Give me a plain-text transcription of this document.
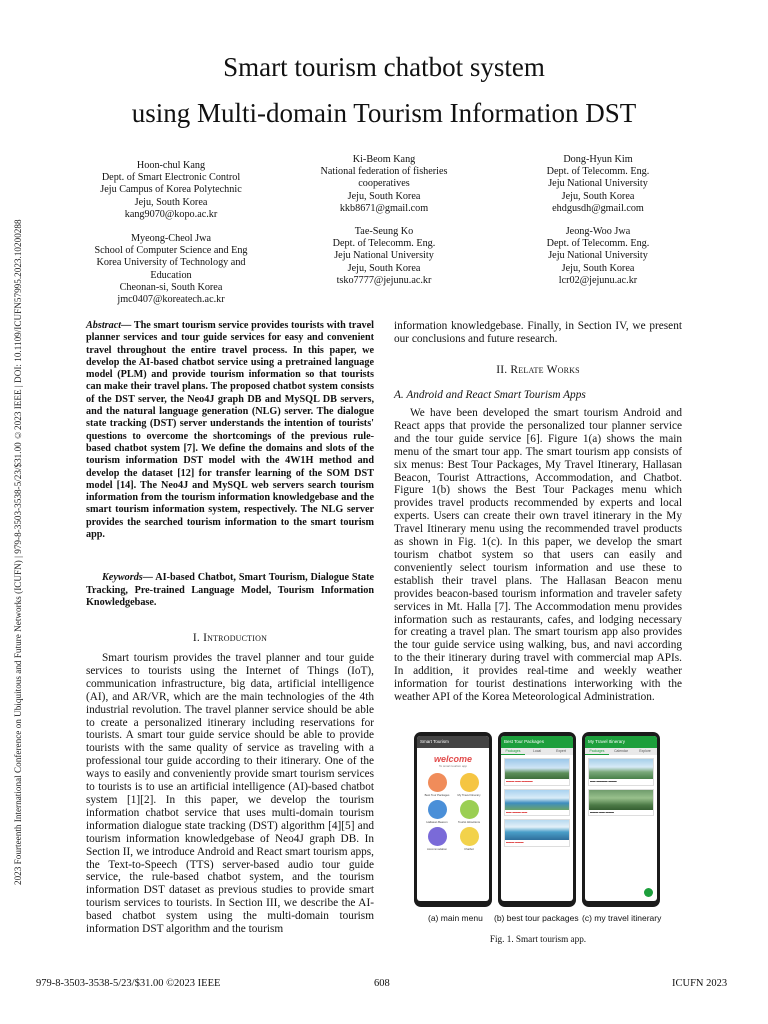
2023 Fourteenth International Conference on Ubiquitous and Future Networks (ICUFN) | 979-8-3503-3538-5/23/$31.00 ©2023 IEEE | DOI: 10.1109/ICUFN57995.2023.10200288
Smart tourism chatbot system
using Multi-domain Tourism Information DST
Hoon-chul Kang
Dept. of Smart Electronic Control
Jeju Campus of Korea Polytechnic
Jeju, South Korea
kang9070@kopo.ac.kr
Ki-Beom Kang
National federation of fisheries
cooperatives
Jeju, South Korea
kkb8671@gmail.com
Dong-Hyun Kim
Dept. of Telecomm. Eng.
Jeju National University
Jeju, South Korea
ehdgusdh@gmail.com
Myeong-Cheol Jwa
School of Computer Science and Eng
Korea University of Technology and
Education
Cheonan-si, South Korea
jmc0407@koreatech.ac.kr
Tae-Seung Ko
Dept. of Telecomm. Eng.
Jeju National University
Jeju, South Korea
tsko7777@jejunu.ac.kr
Jeong-Woo Jwa
Dept. of Telecomm. Eng.
Jeju National University
Jeju, South Korea
lcr02@jejunu.ac.kr
Abstract— The smart tourism service provides tourists with travel planner services and tour guide services for easy and convenient travel throughout the entire travel process. In this paper, we develop the AI-based chatbot service using a pretrained language model (PLM) and provide tourism information so that tourists can make their travel plans. The proposed chatbot system consists of the DST server, the Neo4J graph DB and MySQL DB servers, and the natural language generation (NLG) server. The dialogue state tracking (DST) server understands the intention of tourists' questions to overcome the shortcomings of the previous rule-based chatbot system [7]. We define the domains and slots of the tourism information DST model with the 4W1H method and develop the dataset [12] for transfer learning of the SOM DST model [14]. The Neo4J and MySQL web servers search tourism information from the tourism information knowledgebase and the smart tourism information system, respectively. The NLG server provides the searched tourism information to the smart tourism app.
Keywords— AI-based Chatbot, Smart Tourism, Dialogue State Tracking, Pre-trained Language Model, Tourism Information Knowledgebase.
I. Introduction
Smart tourism provides the travel planner and tour guide services to tourists using the Internet of Things (IoT), communication infrastructure, big data, artificial intelligence (AI), and AR/VR, which are the main technologies of the 4th industrial revolution. The travel planner service should be able to create a personalized itinerary including reservations for tourists. A smart tour guide service should be able to provide tourists with the same quality of service as traveling with a professional tour guide according to their itinerary. One of the ways to easily and conveniently provide smart tourism services to tourists is to use an artificial intelligence (AI)-based chatbot system [1][2]. In this paper, we develop the tourism information chatbot service that uses multi-domain tourism information dialogue state tracking (DST) algorithm [4][5] and tourism information knowledgebase of Neo4J graph DB. In Section II, we introduce Android and React smart tourism apps, the Text-to-Speech (TTS) server-based audio tour guide service, the rule-based chatbot system, and the tourism information DST dataset as previous studies to provide smart tourism services to tourists. In Section III, we describe the AI-based chatbot system using the multi-domain tourism information DST algorithm and the tourism
information knowledgebase. Finally, in Section IV, we present our conclusions and future research.
II. Relate Works
A. Android and React Smart Tourism Apps
We have been developed the smart tourism Android and React apps that provide the personalized tour planner service and the tour guide service [6]. Figure 1(a) shows the main menu of the smart tour app. The smart tourism app consists of six menus: Best Tour Packages, My Travel Itinerary, Hallasan Beacon, Tourist Attractions, Accommodation, and Chatbot. Figure 1(b) shows the Best Tour Packages menu which provides travel products recommended by experts and local experts. Users can create their own travel itinerary in the My Travel Itinerary menu using the recommended travel products as shown in Fig. 1(c). In this paper, we develop the smart tourism chatbot system so that users can easily and conveniently select tourism information and use these to establish their travel plans. The Hallasan Beacon menu provides beacon-based tourism information and traveler safety services in Mt. Halla [7]. The Accommodation menu provides information such as restaurants, cafes, and lodging necessary for creating a travel plan. The smart tourism app also provides the tour guide service using walking, bus, and navi according to the their itinerary during travel with commercial map APIs. In addition, it provides real-time and weekly weather information for tourist destinations interworking with the weather API of the Korea Meteorological Administration.
Smart Tourism
welcome
To smart tourism app
Best Tour Packages	My Travel Itinerary
Hallasan Beacon	Tourist Attractions
Accommodation	Chatbot
Best Tour Packages
Packages	Local	Expert
▬▬▬ ▬▬ ▬▬▬▬
▬▬ ▬▬▬ ▬▬
▬▬▬ ▬▬▬
My Travel Itinerary
Packages	Calendar	Explore
▬▬ ▬▬▬▬ ▬▬▬
▬▬▬ ▬▬ ▬▬▬
(a) main menu (b) best tour packages (c) my travel itinerary
Fig. 1. Smart tourism app.
979-8-3503-3538-5/23/$31.00 ©2023 IEEE	608	ICUFN 2023
